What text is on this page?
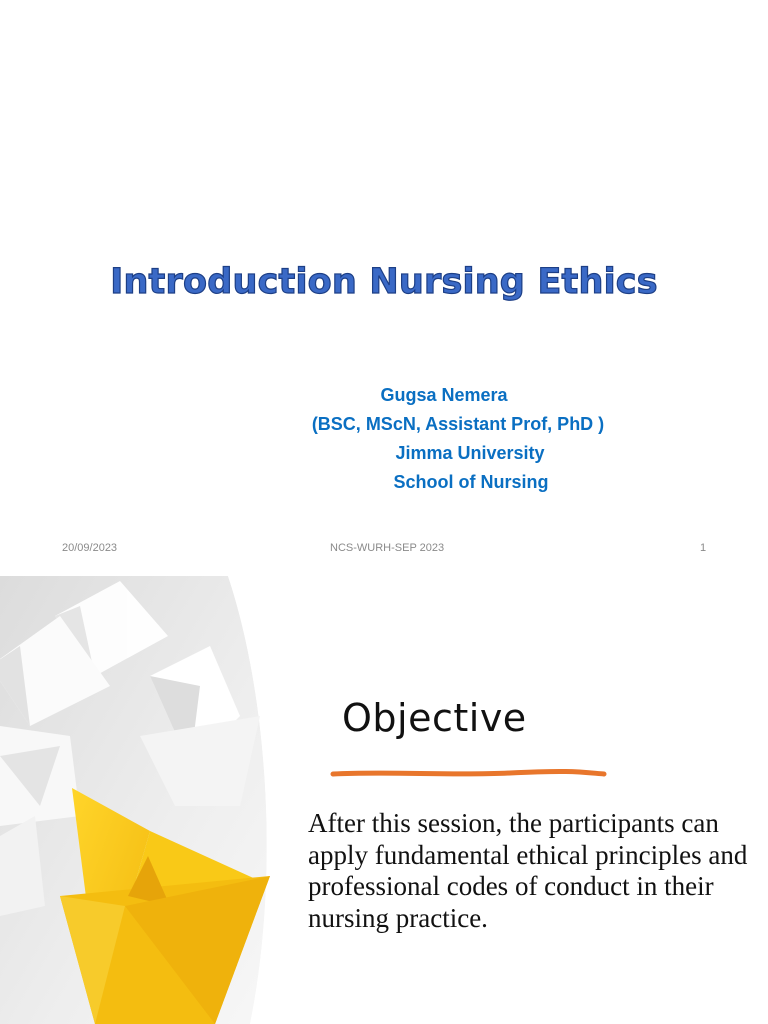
Introduction Nursing Ethics
Gugsa Nemera
(BSC, MScN, Assistant Prof, PhD )
Jimma University
School of Nursing
20/09/2023	NCS-WURH-SEP 2023	1
Objective
After this session, the participants can apply fundamental ethical principles and professional codes of conduct in their nursing practice.
